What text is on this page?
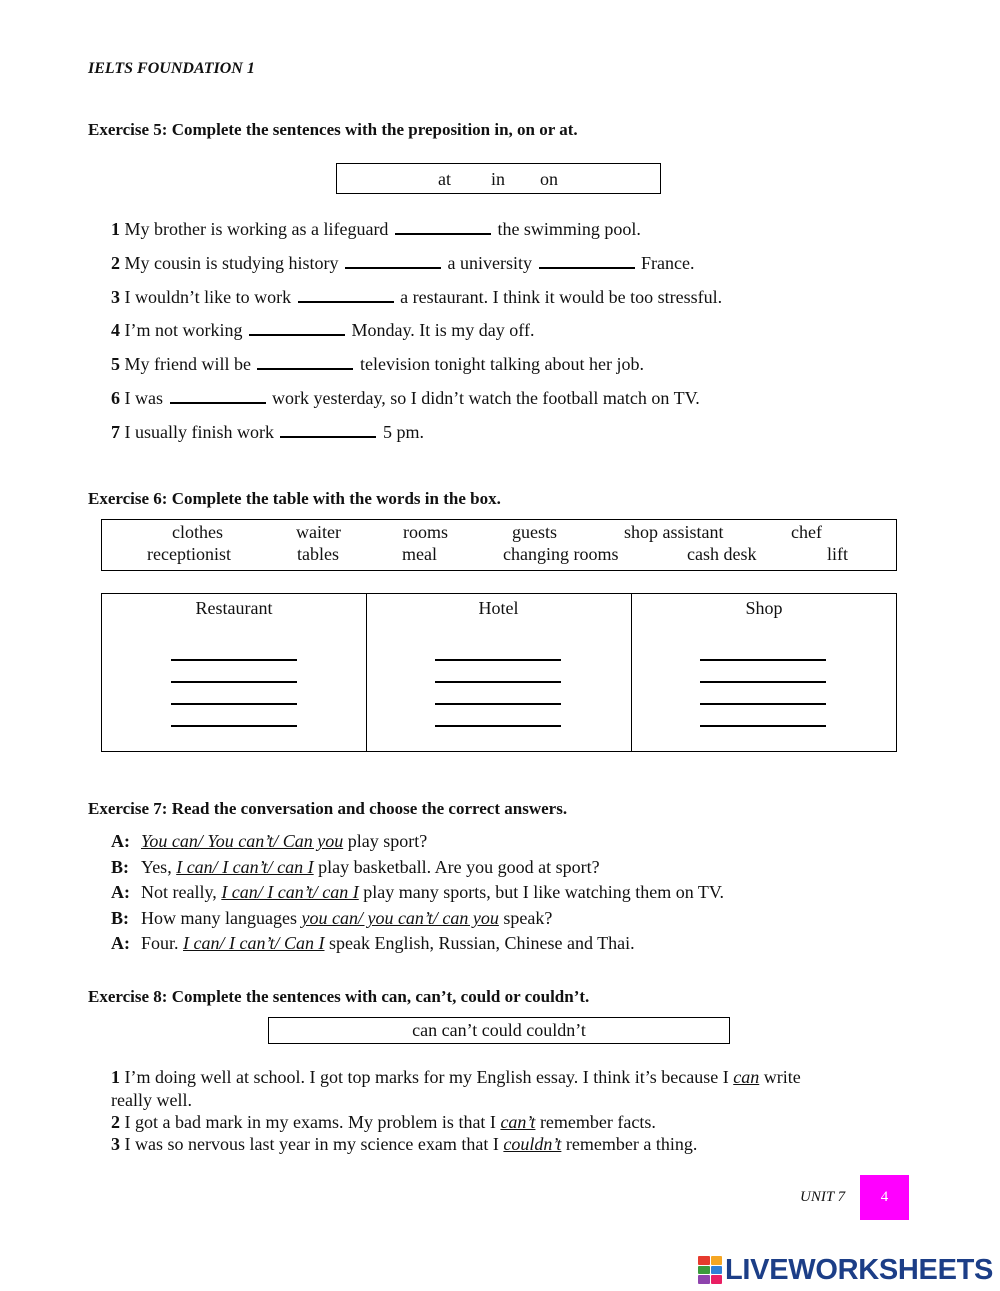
IELTS FOUNDATION 1
Exercise 5: Complete the sentences with the preposition in, on or at.
at in on
1 My brother is working as a lifeguard	the swimming pool.
2 My cousin is studying history	a university	France.
3 I wouldn’t like to work	a restaurant. I think it would be too stressful.
4 I’m not working	Monday. It is my day off.
5 My friend will be	television tonight talking about her job.
6 I was	work yesterday, so I didn’t watch the football match on TV.
7 I usually finish work	5 pm.
Exercise 6: Complete the table with the words in the box.
clothes	waiter	rooms	guests	shop assistant	chef
receptionist	tables	meal	changing rooms	cash desk	lift
Restaurant	Hotel	Shop
Exercise 7: Read the conversation and choose the correct answers.
A: You can/ You can’t/ Can you play sport?
B: Yes, I can/ I can’t/ can I play basketball. Are you good at sport?
A: Not really, I can/ I can’t/ can I play many sports, but I like watching them on TV.
B: How many languages you can/ you can’t/ can you speak?
A: Four. I can/ I can’t/ Can I speak English, Russian, Chinese and Thai.
Exercise 8: Complete the sentences with can, can’t, could or couldn’t.
can can’t could couldn’t
1 I’m doing well at school. I got top marks for my English essay. I think it’s because I can write
really well.
2 I got a bad mark in my exams. My problem is that I can’t remember facts.
3 I was so nervous last year in my science exam that I couldn’t remember a thing.
UNIT 7	4
LIVEWORKSHEETS
